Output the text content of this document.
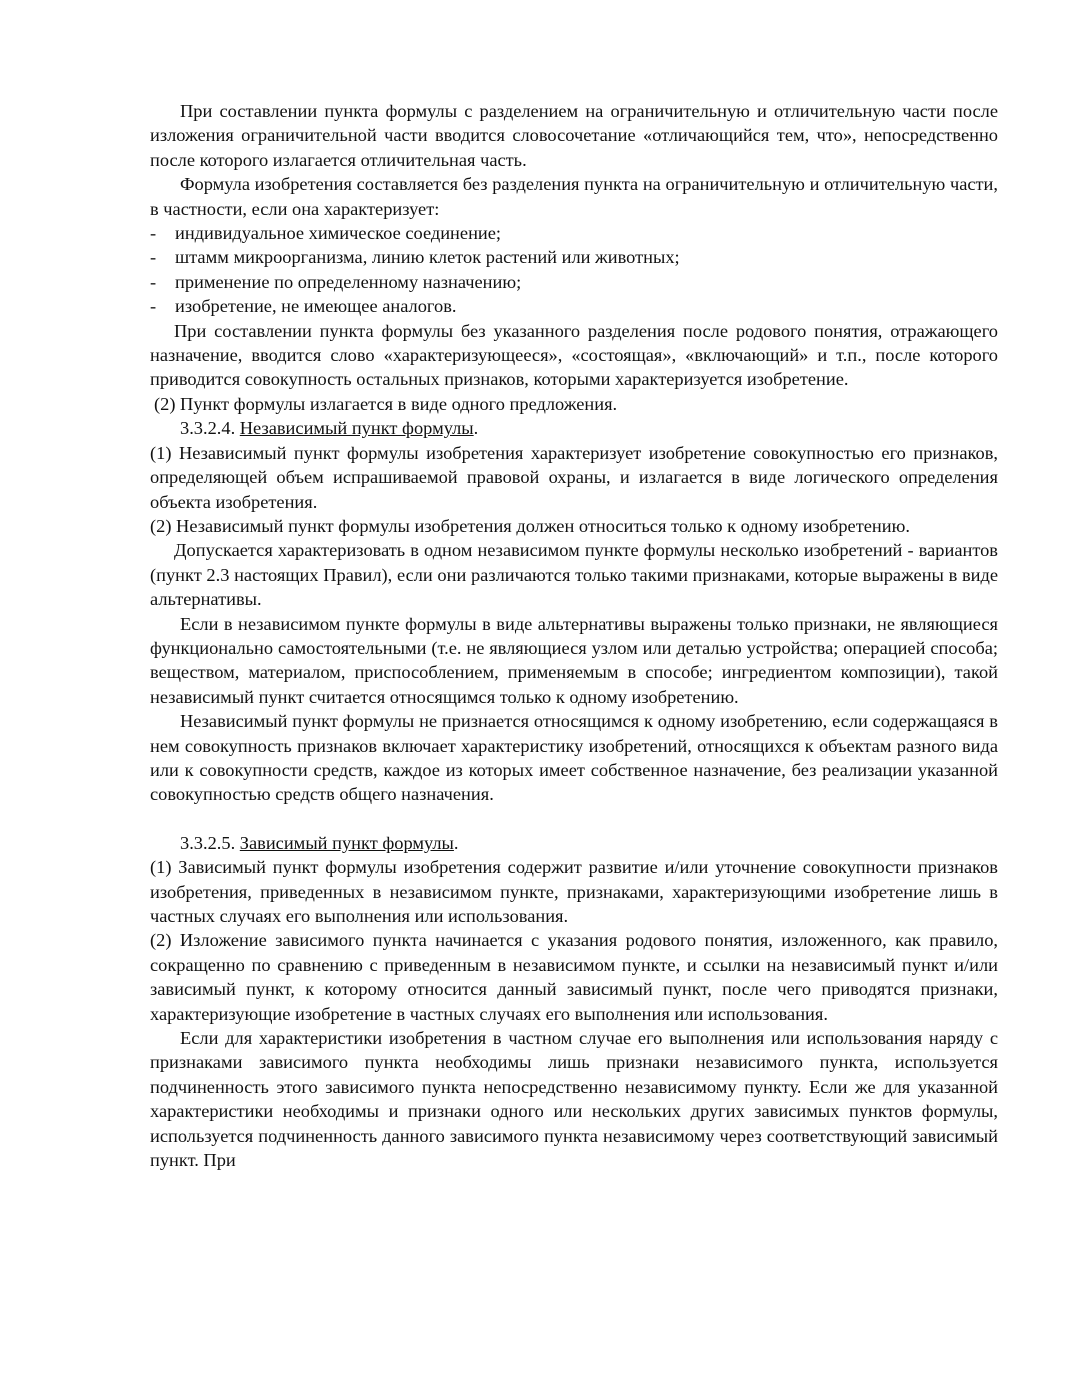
При составлении пункта формулы с разделением на ограничительную и отличительную части после изложения ограничительной части вводится словосочетание «отличающийся тем, что», непосредственно после которого излагается отличительная часть.

Формула изобретения составляется без разделения пункта на ограничительную и отличительную части, в частности, если она характеризует:

- индивидуальное химическое соединение;
- штамм микроорганизма, линию клеток растений или животных;
- применение по определенному назначению;
- изобретение, не имеющее аналогов.

При составлении пункта формулы без указанного разделения после родового понятия, отражающего назначение, вводится слово «характеризующееся», «состоящая», «включающий» и т.п., после которого приводится совокупность остальных признаков, которыми характеризуется изобретение.

(2) Пункт формулы излагается в виде одного предложения.

3.3.2.4. Независимый пункт формулы.

(1) Независимый пункт формулы изобретения характеризует изобретение совокупностью его признаков, определяющей объем испрашиваемой правовой охраны, и излагается в виде логического определения объекта изобретения.

(2) Независимый пункт формулы изобретения должен относиться только к одному изобретению.

Допускается характеризовать в одном независимом пункте формулы несколько изобретений - вариантов (пункт 2.3 настоящих Правил), если они различаются только такими признаками, которые выражены в виде альтернативы.

Если в независимом пункте формулы в виде альтернативы выражены только признаки, не являющиеся функционально самостоятельными (т.е. не являющиеся узлом или деталью устройства; операцией способа; веществом, материалом, приспособлением, применяемым в способе; ингредиентом композиции), такой независимый пункт считается относящимся только к одному изобретению.

Независимый пункт формулы не признается относящимся к одному изобретению, если содержащаяся в нем совокупность признаков включает характеристику изобретений, относящихся к объектам разного вида или к совокупности средств, каждое из которых имеет собственное назначение, без реализации указанной совокупностью средств общего назначения.

3.3.2.5. Зависимый пункт формулы.

(1) Зависимый пункт формулы изобретения содержит развитие и/или уточнение совокупности признаков изобретения, приведенных в независимом пункте, признаками, характеризующими изобретение лишь в частных случаях его выполнения или использования.

(2) Изложение зависимого пункта начинается с указания родового понятия, изложенного, как правило, сокращенно по сравнению с приведенным в независимом пункте, и ссылки на независимый пункт и/или зависимый пункт, к которому относится данный зависимый пункт, после чего приводятся признаки, характеризующие изобретение в частных случаях его выполнения или использования.

Если для характеристики изобретения в частном случае его выполнения или использования наряду с признаками зависимого пункта необходимы лишь признаки независимого пункта, используется подчиненность этого зависимого пункта непосредственно независимому пункту. Если же для указанной характеристики необходимы и признаки одного или нескольких других зависимых пунктов формулы, используется подчиненность данного зависимого пункта независимому через соответствующий зависимый пункт. При
